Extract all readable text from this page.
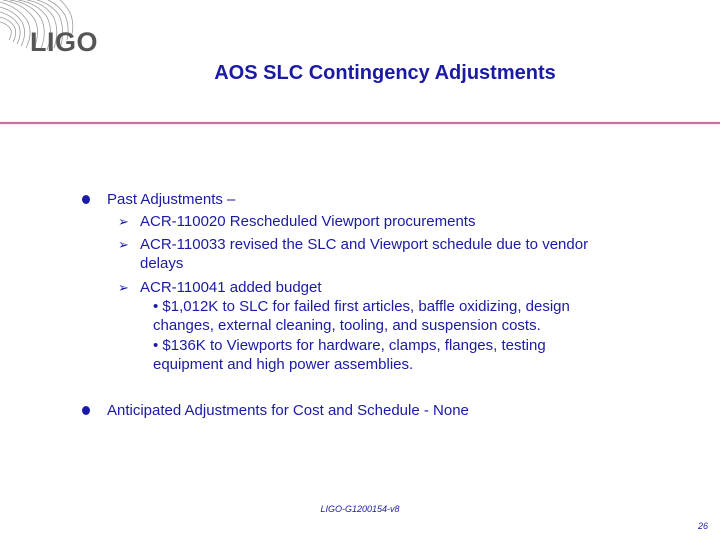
LIGO
AOS SLC Contingency Adjustments
Past Adjustments –
➢ ACR-110020 Rescheduled Viewport procurements
➢ ACR-110033 revised the SLC and Viewport schedule due to vendor
delays
➢ ACR-110041 added budget
• $1,012K to SLC for failed first articles, baffle oxidizing, design
changes, external cleaning, tooling, and suspension costs.
• $136K to Viewports for hardware, clamps, flanges, testing
equipment and high power assemblies.
Anticipated Adjustments for Cost and Schedule - None
LIGO-G1200154-v8
26
